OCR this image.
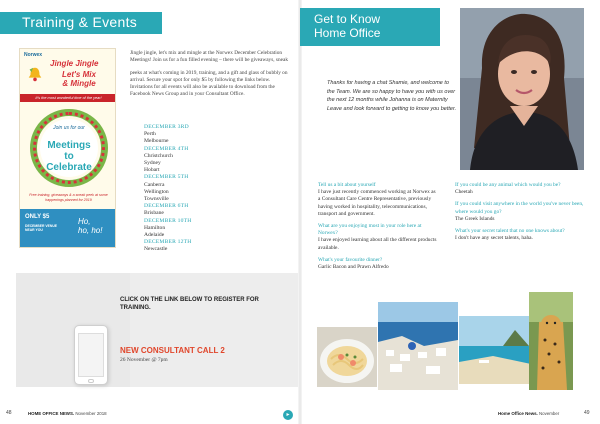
Training & Events
Norwex
Jingle Jingle
Let's Mix
& Mingle
It's the most wonderful time of the year!
Join us for our
Meetings
to
Celebrate
Free training, giveaways & a sneak peek at some happenings planned for 2019
ONLY $5
DECEMBER VENUE NEAR YOU
Ho,
ho, ho!

Jingle jingle, let's mix and mingle at the Norwex December Celebration Meetings! Join us for a fun filled evening – there will be giveaways, sneak

peeks at what's coming in 2019, training, and a gift and glass of bubbly on arrival. Secure your spot for only $5 by following the links below. Invitations for all events will also be available to download from the Facebook News Group and in your Consultant Office.

DECEMBER 3RD
Perth
Melbourne
DECEMBER 4TH
Christchurch
Sydney
Hobart
DECEMBER 5TH
Canberra
Wellington
Townsville
DECEMBER 6TH
Brisbane
DECEMBER 10TH
Hamilton
Adelaide
DECEMBER 12TH
Newcastle
CLICK ON THE LINK BELOW TO REGISTER FOR TRAINING.
NEW CONSULTANT CALL 2
26 November @ 7pm
48	HOME OFFICE NEWS. November 2018	▸
Get to Know
Home Office
Thanks for having a chat Shamie, and welcome to the Team. We are so happy to have you with us over the next 12 months while Johanna is on Maternity Leave and look forward to getting to know you better.
Tell us a bit about yourself
I have just recently commenced working at Norwex as a Consultant Care Centre Representative, previously having worked in hospitality, telecommunications, transport and government.
What are you enjoying most in your role here at Norwex?
I have enjoyed learning about all the different products available.
What's your favourite dinner?
Garlic Bacon and Prawn Alfredo
If you could be any animal which would you be?
Cheetah
If you could visit anywhere in the world you've never been, where would you go?
The Greek Islands
What's your secret talent that no one knows about?
I don't have any secret talents, haha.
Home Office News. November	49
